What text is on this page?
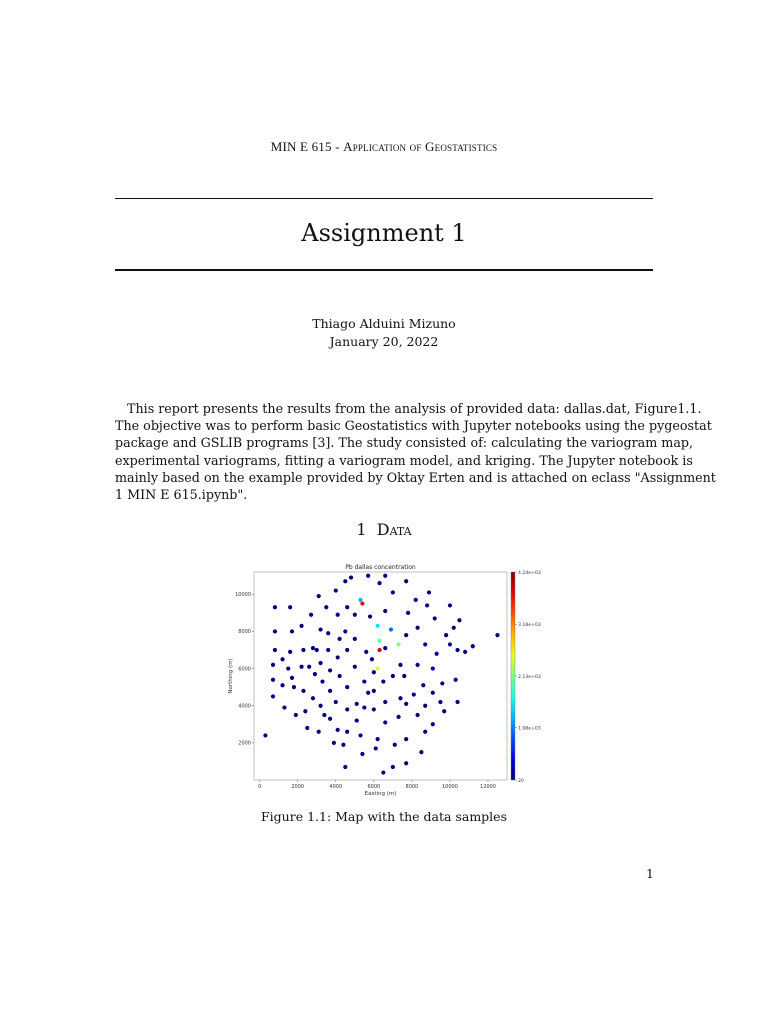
MIN E 615 - Application of Geostatistics
Assignment 1
Thiago Alduini Mizuno
January 20, 2022
This report presents the results from the analysis of provided data: dallas.dat, Figure1.1.
The objective was to perform basic Geostatistics with Jupyter notebooks using the pygeostat
package and GSLIB programs [3]. The study consisted of: calculating the variogram map,
experimental variograms, fitting a variogram model, and kriging. The Jupyter notebook is
mainly based on the example provided by Oktay Erten and is attached on eclass "Assignment
1 MIN E 615.ipynb".
1 Data
Pb dallas concentration
0	2000	4000	6000	8000	10000	12000
2000
4000
6000
8000
10000
Easting (m)
Northing (m)
20
1.08e+03
2.13e+03
3.18e+03
4.24e+03
Figure 1.1: Map with the data samples
1
